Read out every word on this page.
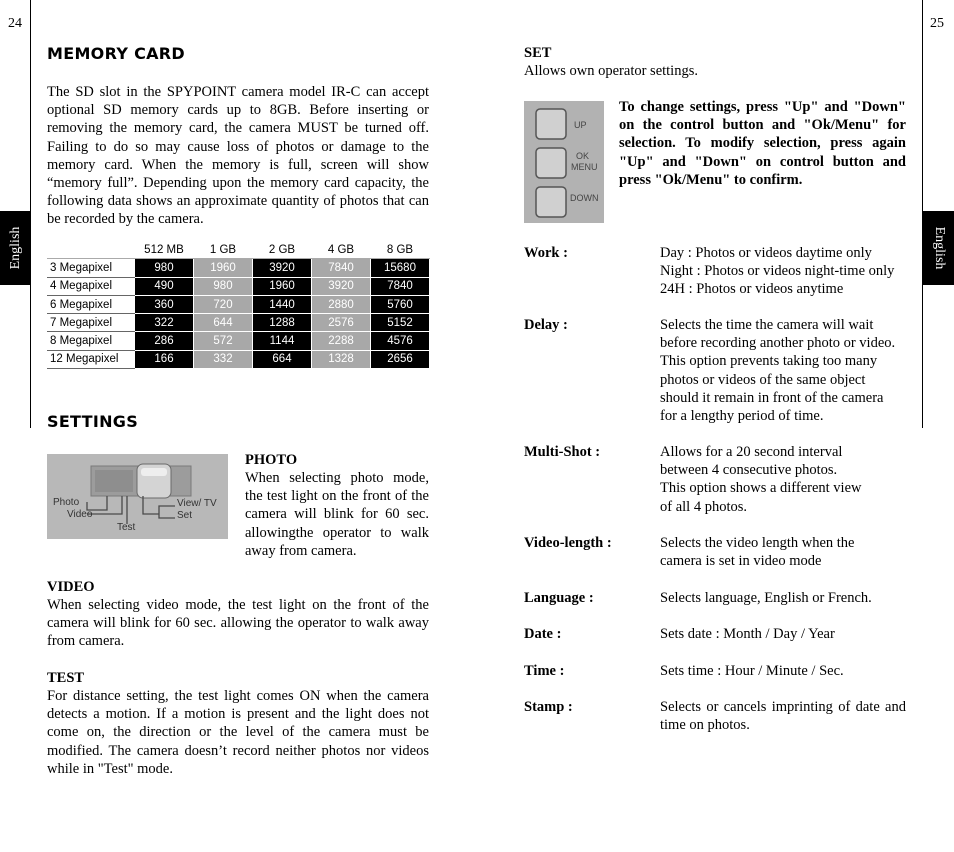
24	25
English	English
MEMORY CARD
The SD slot in the SPYPOINT camera model IR-C can accept optional SD memory cards up to 8GB. Before inserting or removing the memory card, the camera MUST be turned off. Failing to do so may cause loss of photos or damage to the memory card. When the memory is full, screen will show “memory full”. Depending upon the memory card capacity, the following data shows an approximate quantity of photos that can be recorded by the camera.
	512 MB	1 GB	2 GB	4 GB	8 GB
3 Megapixel	980	1960	3920	7840	15680
4 Megapixel	490	980	1960	3920	7840
6 Megapixel	360	720	1440	2880	5760
7 Megapixel	322	644	1288	2576	5152
8 Megapixel	286	572	1144	2288	4576
12 Megapixel	166	332	664	1328	2656
SETTINGS
Photo
Video
Test
View/ TV
Set
PHOTO
When selecting photo mode, the test light on the front of the camera will blink for 60 sec. allowingthe operator to walk away from camera.
VIDEO
When selecting video mode, the test light on the front of the camera will blink for 60 sec. allowing the operator to walk away from camera.
TEST
For distance setting, the test light comes ON when the camera detects a motion. If a motion is present and the light does not come on, the direction or the level of the camera must be modified. The camera doesn’t record neither photos nor videos while in "Test" mode.
SET
Allows own operator settings.
UP
OK MENU
DOWN
To change settings, press "Up" and "Down" on the control button and "Ok/Menu" for selection. To modify selection, press again "Up" and "Down" on control button and press "Ok/Menu" to confirm.
Work :	Day : Photos or videos daytime only
Night : Photos or videos night-time only
24H : Photos or videos anytime
Delay :	Selects the time the camera will wait
before recording another photo or video.
This option prevents taking too many
photos or videos of the same object
should it remain in front of the camera
for a lengthy period of time.
Multi-Shot :	Allows for a 20 second interval
between 4 consecutive photos.
This option shows a different view
of all 4 photos.
Video-length :	Selects the video length when the
camera is set in video mode
Language :	Selects language, English or French.
Date :	Sets date : Month / Day / Year
Time :	Sets time : Hour / Minute / Sec.
Stamp :	Selects or cancels imprinting of date and time on photos.
